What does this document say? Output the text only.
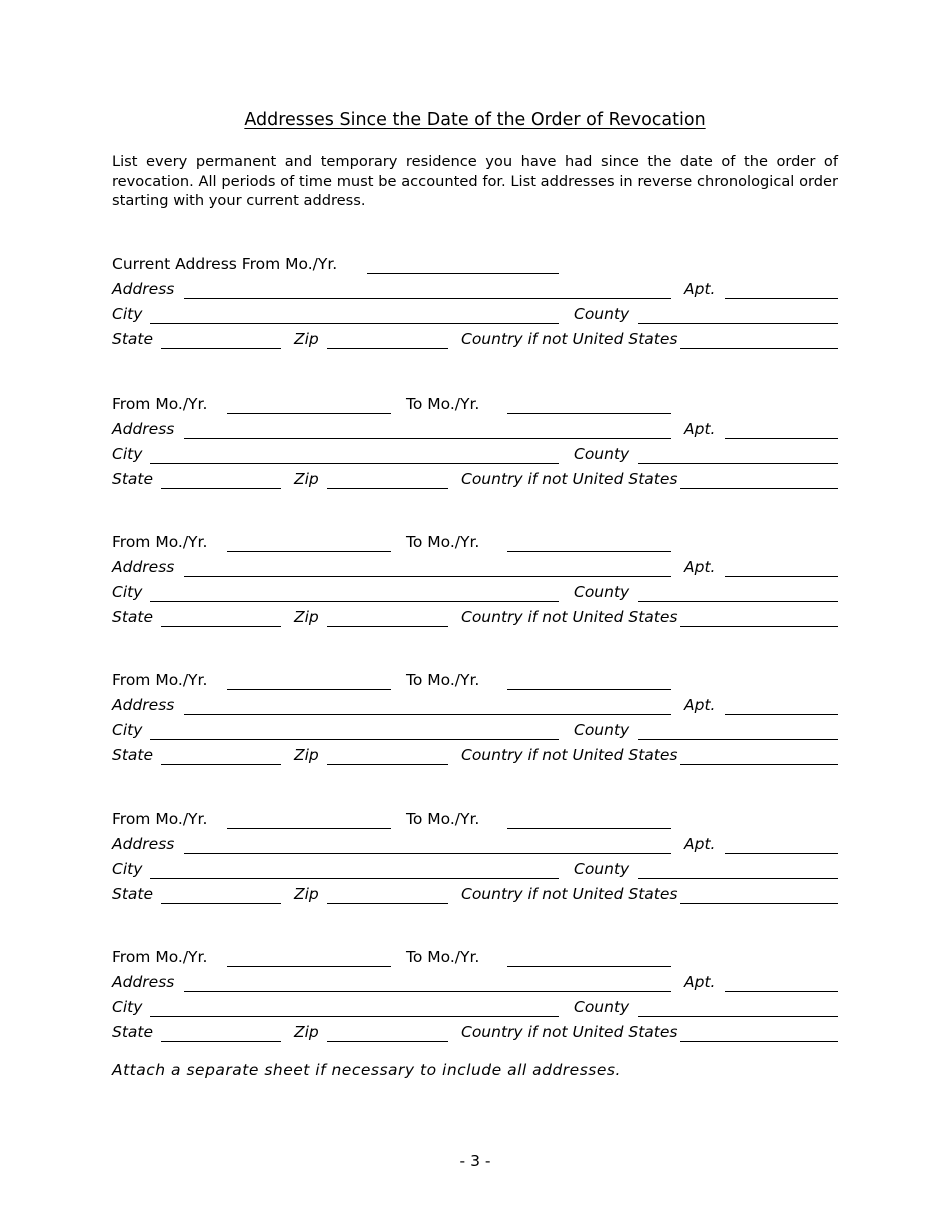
Addresses Since the Date of the Order of Revocation
List every permanent and temporary residence you have had since the date of the order of revocation. All periods of time must be accounted for. List addresses in reverse chronological order starting with your current address.
Current Address From Mo./Yr.
Address	Apt.
City	County
State	Zip	Country if not United States
From Mo./Yr.	To Mo./Yr.
Address	Apt.
City	County
State	Zip	Country if not United States
From Mo./Yr.	To Mo./Yr.
Address	Apt.
City	County
State	Zip	Country if not United States
From Mo./Yr.	To Mo./Yr.
Address	Apt.
City	County
State	Zip	Country if not United States
From Mo./Yr.	To Mo./Yr.
Address	Apt.
City	County
State	Zip	Country if not United States
From Mo./Yr.	To Mo./Yr.
Address	Apt.
City	County
State	Zip	Country if not United States
Attach a separate sheet if necessary to include all addresses.
- 3 -
